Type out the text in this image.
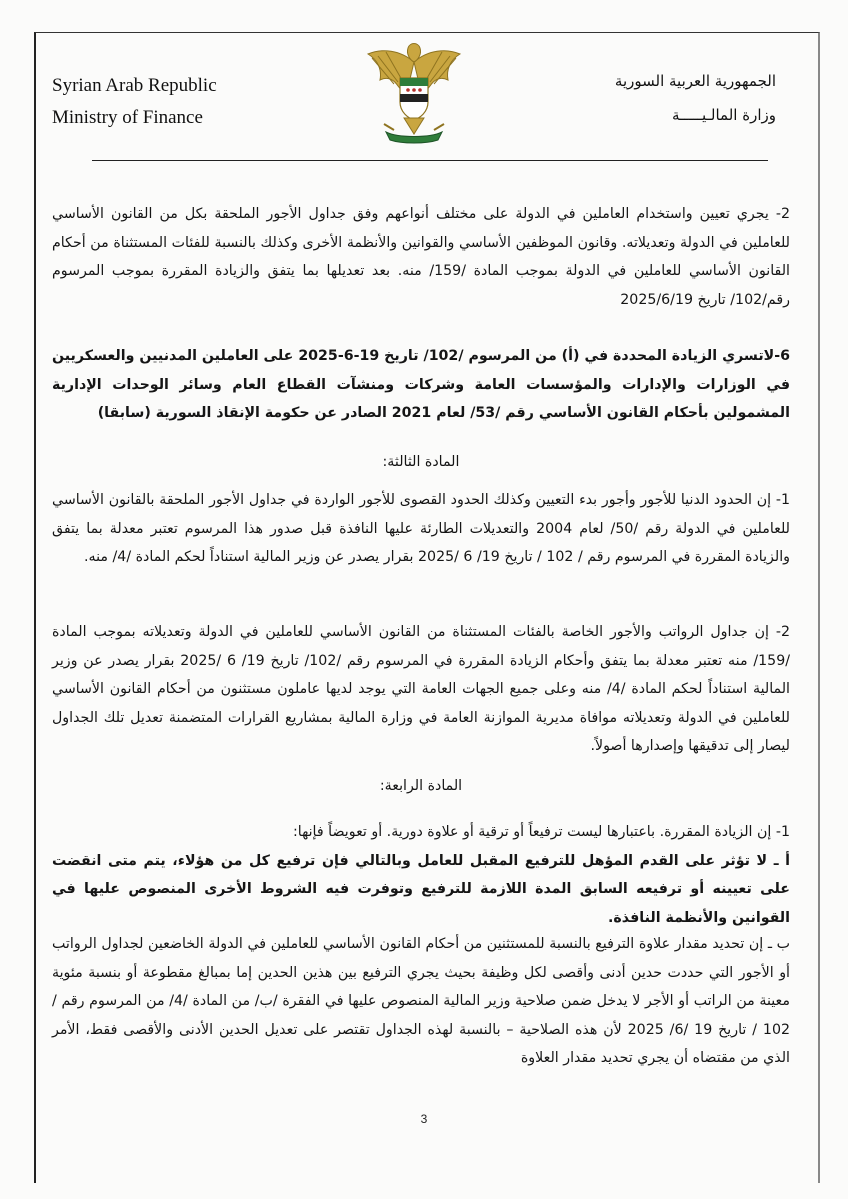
Syrian Arab Republic
Ministry of Finance
الجمهورية العربية السورية
وزارة المالـيـــــة

2- يجري تعيين واستخدام العاملين في الدولة على مختلف أنواعهم وفق جداول الأجور الملحقة بكل من القانون الأساسي للعاملين في الدولة وتعديلاته. وقانون الموظفين الأساسي والقوانين والأنظمة الأخرى وكذلك بالنسبة للفئات المستثناة من أحكام القانون الأساسي للعاملين في الدولة بموجب المادة /159/ منه. بعد تعديلها بما يتفق والزيادة المقررة بموجب المرسوم رقم/102/ تاريخ 2025/6/19

6-لاتسري الزيادة المحددة في (أ) من المرسوم /102/ تاريخ 19-6-2025 على العاملين المدنيين والعسكريين في الوزارات والإدارات والمؤسسات العامة وشركات ومنشآت القطاع العام وسائر الوحدات الإدارية المشمولين بأحكام القانون الأساسي رقم /53/ لعام 2021 الصادر عن حكومة الإنقاذ السورية (سابقا)

المادة الثالثة:

1- إن الحدود الدنيا للأجور وأجور بدء التعيين وكذلك الحدود القصوى للأجور الواردة في جداول الأجور الملحقة بالقانون الأساسي للعاملين في الدولة رقم /50/ لعام 2004 والتعديلات الطارئة عليها النافذة قبل صدور هذا المرسوم تعتبر معدلة بما يتفق والزيادة المقررة في المرسوم رقم / 102 / تاريخ 19/ 6 /2025 بقرار يصدر عن وزير المالية استناداً لحكم المادة /4/ منه.

2- إن جداول الرواتب والأجور الخاصة بالفئات المستثناة من القانون الأساسي للعاملين في الدولة وتعديلاته بموجب المادة /159/ منه تعتبر معدلة بما يتفق وأحكام الزيادة المقررة في المرسوم رقم /102/ تاريخ 19/ 6 /2025 بقرار يصدر عن وزير المالية استناداً لحكم المادة /4/ منه وعلى جميع الجهات العامة التي يوجد لديها عاملون مستثنون من أحكام القانون الأساسي للعاملين في الدولة وتعديلاته موافاة مديرية الموازنة العامة في وزارة المالية بمشاريع القرارات المتضمنة تعديل تلك الجداول ليصار إلى تدقيقها وإصدارها أصولاً.

المادة الرابعة:

1- إن الزيادة المقررة. باعتبارها ليست ترفيعاً أو ترقية أو علاوة دورية. أو تعويضاً فإنها:

أ ـ لا تؤثر على القدم المؤهل للترفيع المقبل للعامل وبالتالي فإن ترفيع كل من هؤلاء، يتم متى انقضت على تعيينه أو ترفيعه السابق المدة اللازمة للترفيع وتوفرت فيه الشروط الأخرى المنصوص عليها في القوانين والأنظمة النافذة.

ب ـ إن تحديد مقدار علاوة الترفيع بالنسبة للمستثنين من أحكام القانون الأساسي للعاملين في الدولة الخاضعين لجداول الرواتب أو الأجور التي حددت حدين أدنى وأقصى لكل وظيفة بحيث يجري الترفيع بين هذين الحدين إما بمبالغ مقطوعة أو بنسبة مئوية معينة من الراتب أو الأجر لا يدخل ضمن صلاحية وزير المالية المنصوص عليها في الفقرة /ب/ من المادة /4/ من المرسوم رقم / 102 / تاريخ 19 /6/ 2025 لأن هذه الصلاحية – بالنسبة لهذه الجداول تقتصر على تعديل الحدين الأدنى والأقصى فقط، الأمر الذي من مقتضاه أن يجري تحديد مقدار العلاوة

3
